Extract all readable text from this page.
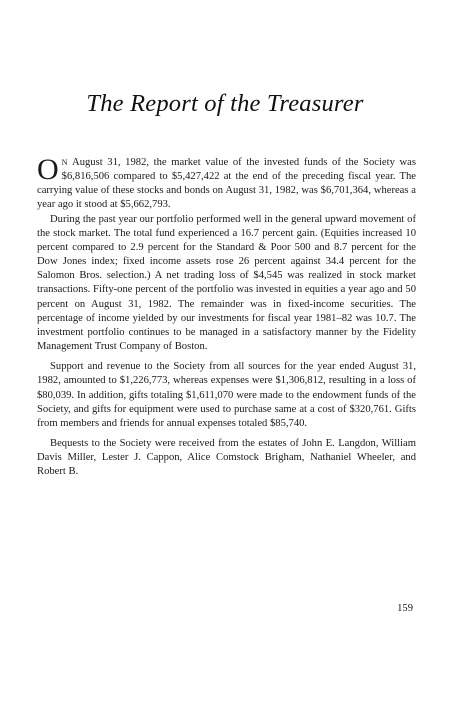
The Report of the Treasurer

O N August 31, 1982, the market value of the invested funds of the Society was $6,816,506 compared to $5,427,422 at the end of the preceding fiscal year. The carrying value of these stocks and bonds on August 31, 1982, was $6,701,364, whereas a year ago it stood at $5,662,793.

During the past year our portfolio performed well in the general upward movement of the stock market. The total fund experienced a 16.7 percent gain. (Equities increased 10 percent compared to 2.9 percent for the Standard & Poor 500 and 8.7 percent for the Dow Jones index; fixed income assets rose 26 percent against 34.4 percent for the Salomon Bros. selection.) A net trading loss of $4,545 was realized in stock market transactions. Fifty-one percent of the portfolio was invested in equities a year ago and 50 percent on August 31, 1982. The remainder was in fixed-income securities. The percentage of income yielded by our investments for fiscal year 1981–82 was 10.7. The investment portfolio continues to be managed in a satisfactory manner by the Fidelity Management Trust Company of Boston.

Support and revenue to the Society from all sources for the year ended August 31, 1982, amounted to $1,226,773, whereas expenses were $1,306,812, resulting in a loss of $80,039. In addition, gifts totaling $1,611,070 were made to the endowment funds of the Society, and gifts for equipment were used to purchase same at a cost of $320,761. Gifts from members and friends for annual expenses totaled $85,740.

Bequests to the Society were received from the estates of John E. Langdon, William Davis Miller, Lester J. Cappon, Alice Comstock Brigham, Nathaniel Wheeler, and Robert B.

159
